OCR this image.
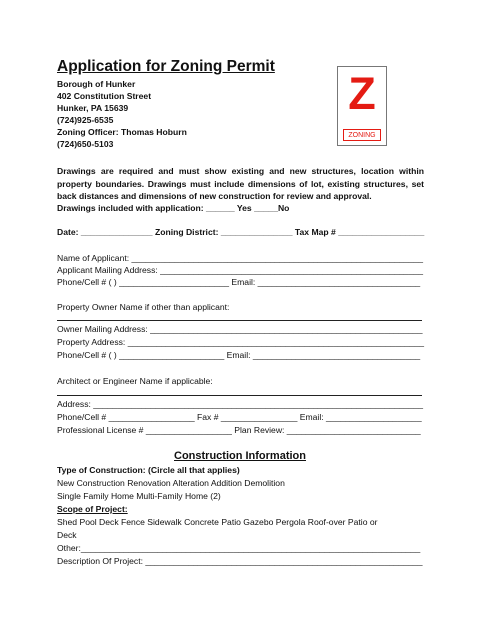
Application for Zoning Permit
Borough of Hunker
402 Constitution Street
Hunker, PA 15639
(724)925-6535
Zoning Officer: Thomas Hoburn
(724)650-5103
Z
ZONING
Drawings are required and must show existing and new structures, location within property boundaries. Drawings must include dimensions of lot, existing structures, set back distances and dimensions of new construction for review and approval.
Drawings included with application: ______ Yes _____No
Date: _______________ Zoning District: _______________ Tax Map # __________________
Name of Applicant: _____________________________________________________________
Applicant Mailing Address: _______________________________________________________
Phone/Cell # ( ) _______________________ Email: __________________________________
Property Owner Name if other than applicant:
Owner Mailing Address: _________________________________________________________
Property Address: ______________________________________________________________
Phone/Cell # ( ) ______________________ Email: ___________________________________
Architect or Engineer Name if applicable:
Address: _____________________________________________________________________
Phone/Cell # __________________ Fax # ________________ Email: ____________________
Professional License # __________________ Plan Review: ____________________________
Construction Information
Type of Construction: (Circle all that applies)
New Construction Renovation Alteration Addition Demolition
Single Family Home Multi-Family Home (2)
Scope of Project:
Shed Pool Deck Fence Sidewalk Concrete Patio Gazebo Pergola Roof-over Patio or
Deck
Other:_______________________________________________________________________
Description Of Project: __________________________________________________________
